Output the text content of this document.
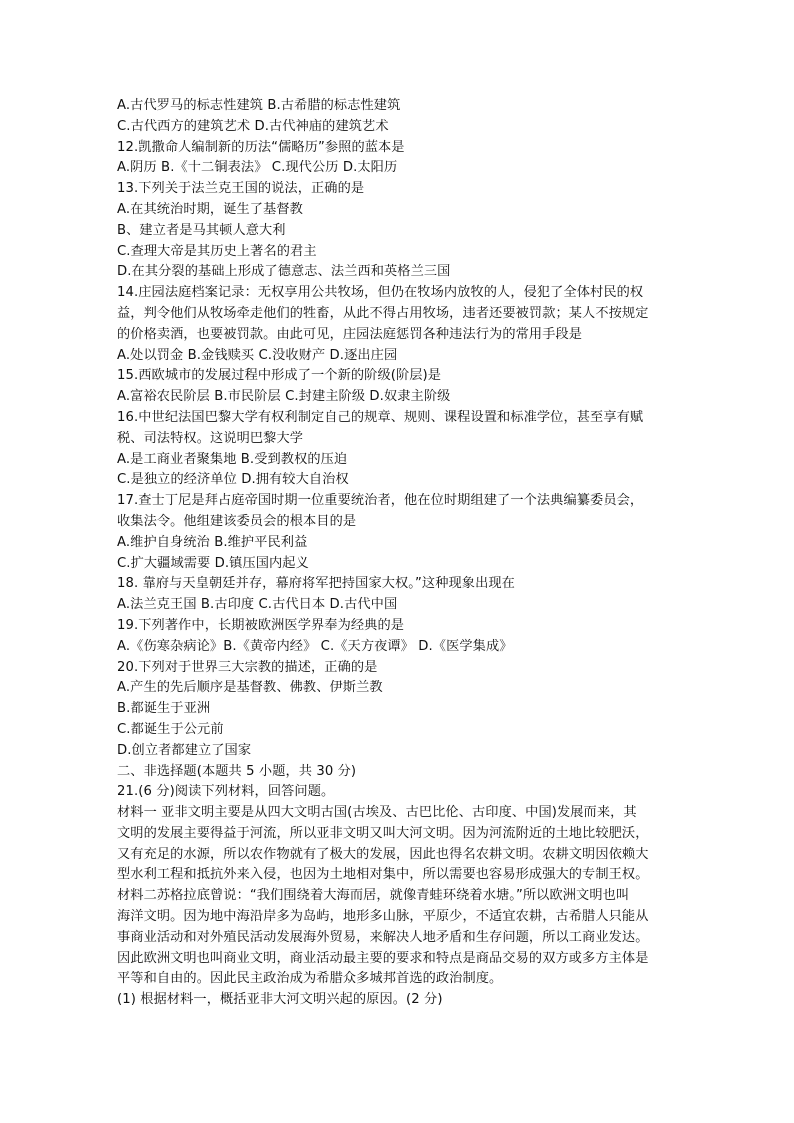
A.古代罗马的标志性建筑 B.古希腊的标志性建筑
C.古代西方的建筑艺术 D.古代神庙的建筑艺术
12.凯撒命人编制新的历法“儒略历”参照的蓝本是
A.阴历 B.《十二铜表法》 C.现代公历 D.太阳历
13.下列关于法兰克王国的说法，正确的是
A.在其统治时期，诞生了基督教
B、建立者是马其顿人意大利
C.查理大帝是其历史上著名的君主
D.在其分裂的基础上形成了德意志、法兰西和英格兰三国
14.庄园法庭档案记录：无权享用公共牧场，但仍在牧场内放牧的人，侵犯了全体村民的权
益，判令他们从牧场牵走他们的牲畜，从此不得占用牧场，违者还要被罚款；某人不按规定
的价格卖酒，也要被罚款。由此可见，庄园法庭惩罚各种违法行为的常用手段是
A.处以罚金 B.金钱赎买 C.没收财产 D.逐出庄园
15.西欧城市的发展过程中形成了一个新的阶级(阶层)是
A.富裕农民阶层 B.市民阶层 C.封建主阶级 D.奴隶主阶级
16.中世纪法国巴黎大学有权利制定自己的规章、规则、课程设置和标准学位，甚至享有赋
税、司法特权。这说明巴黎大学
A.是工商业者聚集地 B.受到教权的压迫
C.是独立的经济单位 D.拥有较大自治权
17.查士丁尼是拜占庭帝国时期一位重要统治者，他在位时期组建了一个法典编纂委员会，
收集法令。他组建该委员会的根本目的是
A.维护自身统治 B.维护平民利益
C.扩大疆域需要 D.镇压国内起义
18. 靠府与天皇朝廷并存，幕府将军把持国家大权。”这种现象出现在
A.法兰克王国 B.古印度 C.古代日本 D.古代中国
19.下列著作中，长期被欧洲医学界奉为经典的是
A.《伤寒杂病论》B.《黄帝内经》 C.《天方夜谭》 D.《医学集成》
20.下列对于世界三大宗教的描述，正确的是
A.产生的先后顺序是基督教、佛教、伊斯兰教
B.都诞生于亚洲
C.都诞生于公元前
D.创立者都建立了国家
二、非选择题(本题共 5 小题，共 30 分)
21.(6 分)阅读下列材料，回答问题。
材料一 亚非文明主要是从四大文明古国(古埃及、古巴比伦、古印度、中国)发展而来，其
文明的发展主要得益于河流，所以亚非文明又叫大河文明。因为河流附近的土地比较肥沃，
又有充足的水源，所以农作物就有了极大的发展，因此也得名农耕文明。农耕文明因依赖大
型水利工程和抵抗外来入侵，也因为土地相对集中，所以需要也容易形成强大的专制王权。
材料二苏格拉底曾说：“我们围绕着大海而居，就像青蛙环绕着水塘。”所以欧洲文明也叫
海洋文明。因为地中海沿岸多为岛屿，地形多山脉，平原少，不适宜农耕，古希腊人只能从
事商业活动和对外殖民活动发展海外贸易，来解决人地矛盾和生存问题，所以工商业发达。
因此欧洲文明也叫商业文明，商业活动最主要的要求和特点是商品交易的双方或多方主体是
平等和自由的。因此民主政治成为希腊众多城邦首选的政治制度。
(1) 根据材料一，概括亚非大河文明兴起的原因。(2 分)
